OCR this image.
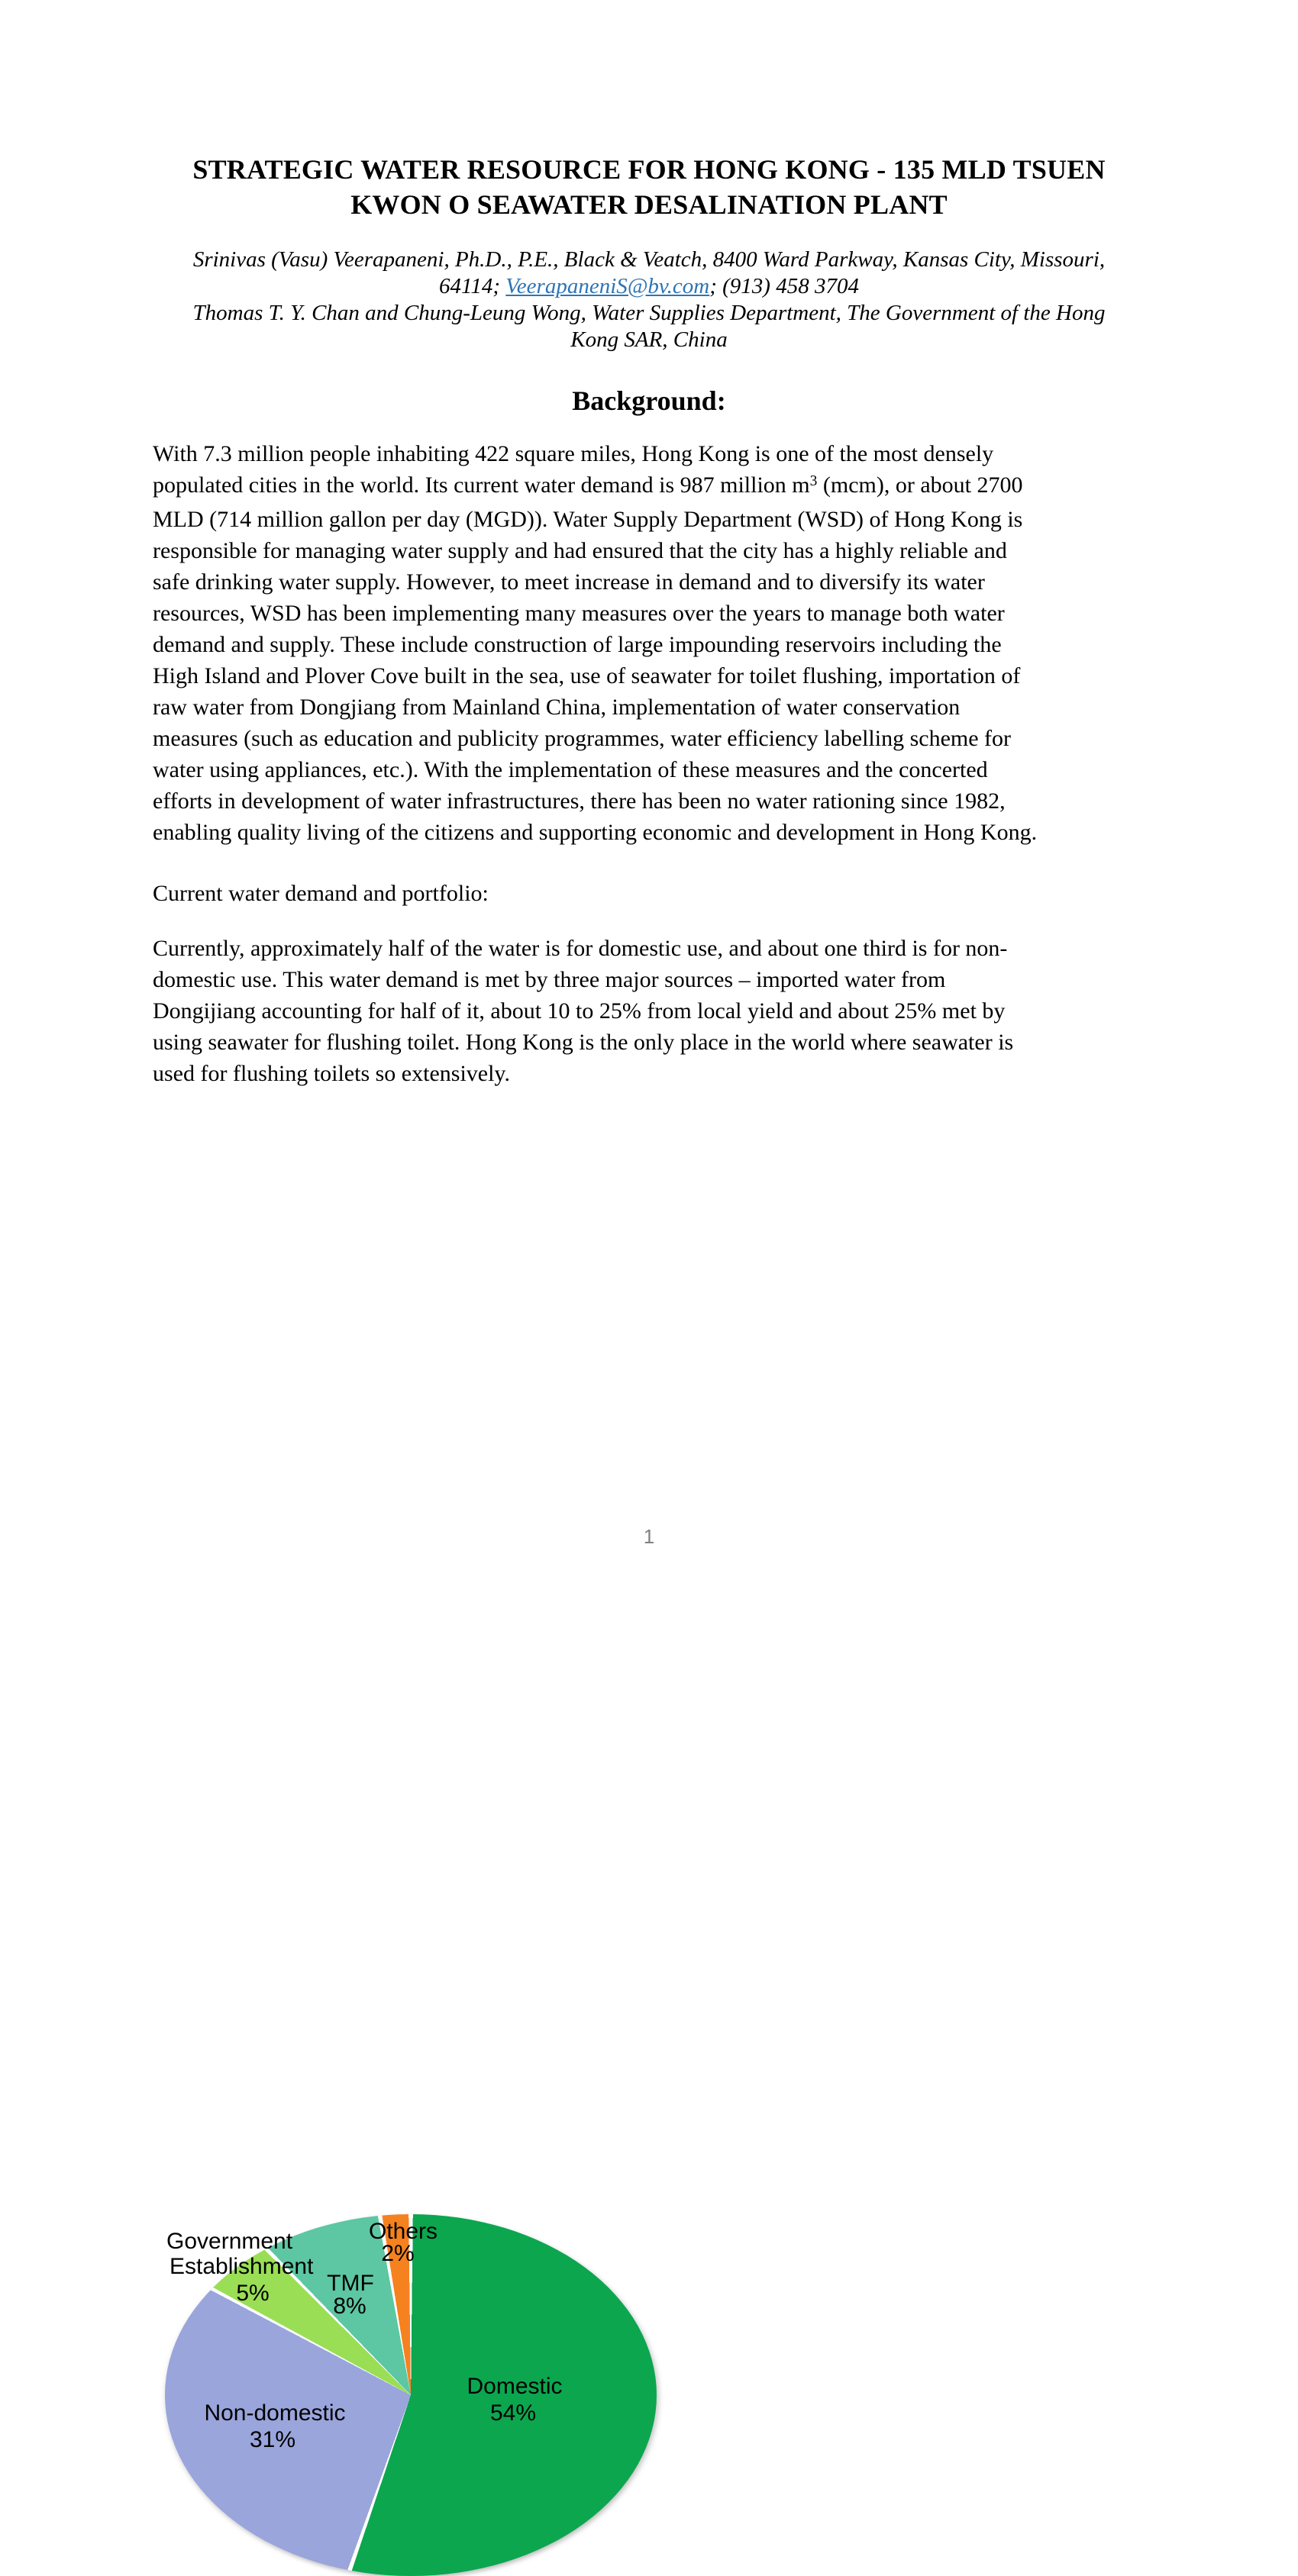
STRATEGIC WATER RESOURCE FOR HONG KONG - 135 MLD TSUEN
KWON O SEAWATER DESALINATION PLANT
Srinivas (Vasu) Veerapaneni, Ph.D., P.E., Black & Veatch, 8400 Ward Parkway, Kansas City, Missouri,
64114; VeerapaneniS@bv.com; (913) 458 3704
Thomas T. Y. Chan and Chung-Leung Wong, Water Supplies Department, The Government of the Hong
Kong SAR, China
Background:
With 7.3 million people inhabiting 422 square miles, Hong Kong is one of the most densely
populated cities in the world. Its current water demand is 987 million $m^3$ (mcm), or about 2700
MLD (714 million gallon per day (MGD)). Water Supply Department (WSD) of Hong Kong is
responsible for managing water supply and had ensured that the city has a highly reliable and
safe drinking water supply. However, to meet increase in demand and to diversify its water
resources, WSD has been implementing many measures over the years to manage both water
demand and supply. These include construction of large impounding reservoirs including the
High Island and Plover Cove built in the sea, use of seawater for toilet flushing, importation of
raw water from Dongjiang from Mainland China, implementation of water conservation
measures (such as education and publicity programmes, water efficiency labelling scheme for
water using appliances, etc.). With the implementation of these measures and the concerted
efforts in development of water infrastructures, there has been no water rationing since 1982,
enabling quality living of the citizens and supporting economic and development in Hong Kong.
Current water demand and portfolio:
Currently, approximately half of the water is for domestic use, and about one third is for non-
domestic use. This water demand is met by three major sources – imported water from
Dongijiang accounting for half of it, about 10 to 25% from local yield and about 25% met by
using seawater for flushing toilet. Hong Kong is the only place in the world where seawater is
used for flushing toilets so extensively.
Government
Establishment
5%	TMF
8%
Others
2%
Domestic
54%
Non-domestic
31%
1
